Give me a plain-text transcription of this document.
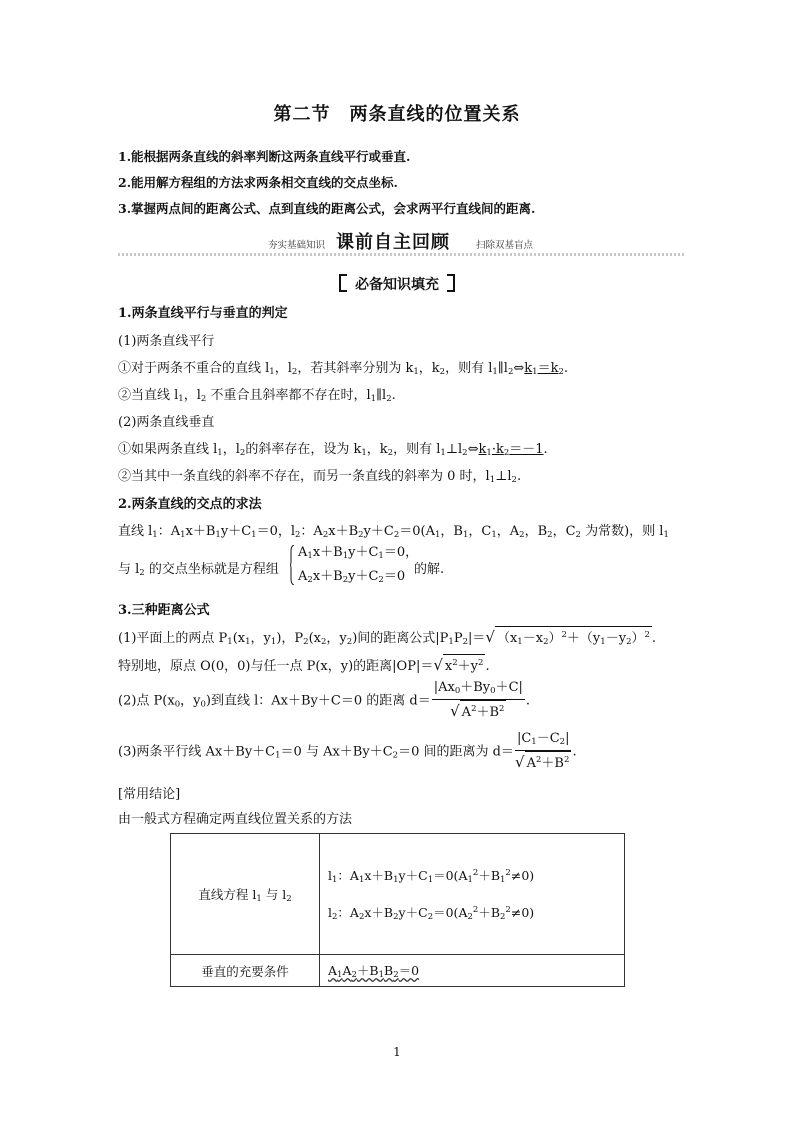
第二节　两条直线的位置关系
1.能根据两条直线的斜率判断这两条直线平行或垂直.
2.能用解方程组的方法求两条相交直线的交点坐标.
3.掌握两点间的距离公式、点到直线的距离公式，会求两平行直线间的距离.
夯实基础知识 课前自主回顾	扫除双基盲点
必备知识填充
1.两条直线平行与垂直的判定
(1)两条直线平行
①对于两条不重合的直线 $l_1$，$l_2$，若其斜率分别为 $k_1$，$k_2$，则有 $l_1\parallel l_2\Leftrightarrow k_1=k_2$.
②当直线 $l_1$，$l_2$ 不重合且斜率都不存在时，$l_1\parallel l_2$.
(2)两条直线垂直
①如果两条直线 $l_1$，$l_2$的斜率存在，设为 $k_1$，$k_2$，则有 $l_1\perp l_2\Leftrightarrow k_1\cdot k_2=-1$.
②当其中一条直线的斜率不存在，而另一条直线的斜率为 0 时，$l_1\perp l_2$.
2.两条直线的交点的求法
直线 $l_1$：$A_1x+B_1y+C_1=0$，$l_2$：$A_2x+B_2y+C_2=0(A_1$，$B_1$，$C_1$，$A_2$，$B_2$，$C_2$ 为常数)，则 $l_1$
与 $l_2$ 的交点坐标就是方程组
$A_1x+B_1y+C_1=0$，
$A_2x+B_2y+C_2=0$ 的解.
3.三种距离公式
(1)平面上的两点 $P_1(x_1$，$y_1$)，$P_2(x_2$，$y_2$)间的距离公式$|P_1P_2|=√$ $(x_1-x_2)^2+(y_1-y_2)^2$ .
特别地，原点 O(0，0)与任一点 P(x，y)的距离|OP|＝√ $x^2+y^2$ .
(2)点 $P(x_0$，$y_0$)到直线 l：Ax＋By＋C＝0 的距离 $d= \frac{|Ax_0+By_0+C|}{√ A^2+B^2}$ .
(3)两条平行线 $Ax+By+C_1=0$ 与 $Ax+By+C_2=0$ 间的距离为 $d= \frac{|C_1-C_2|}{√ A^2+B^2}$ .
[常用结论]
由一般式方程确定两直线位置关系的方法
直线方程 $l_1$ 与 $l_2$	$l_1$：$A_1x+B_1y+C_1=0(A_1^2+B_1^2\ne 0)$
$l_2$：$A_2x+B_2y+C_2=0(A_2^2+B_2^2\ne 0)$

垂直的充要条件	$A_1A_2+B_1B_2=0$
1
